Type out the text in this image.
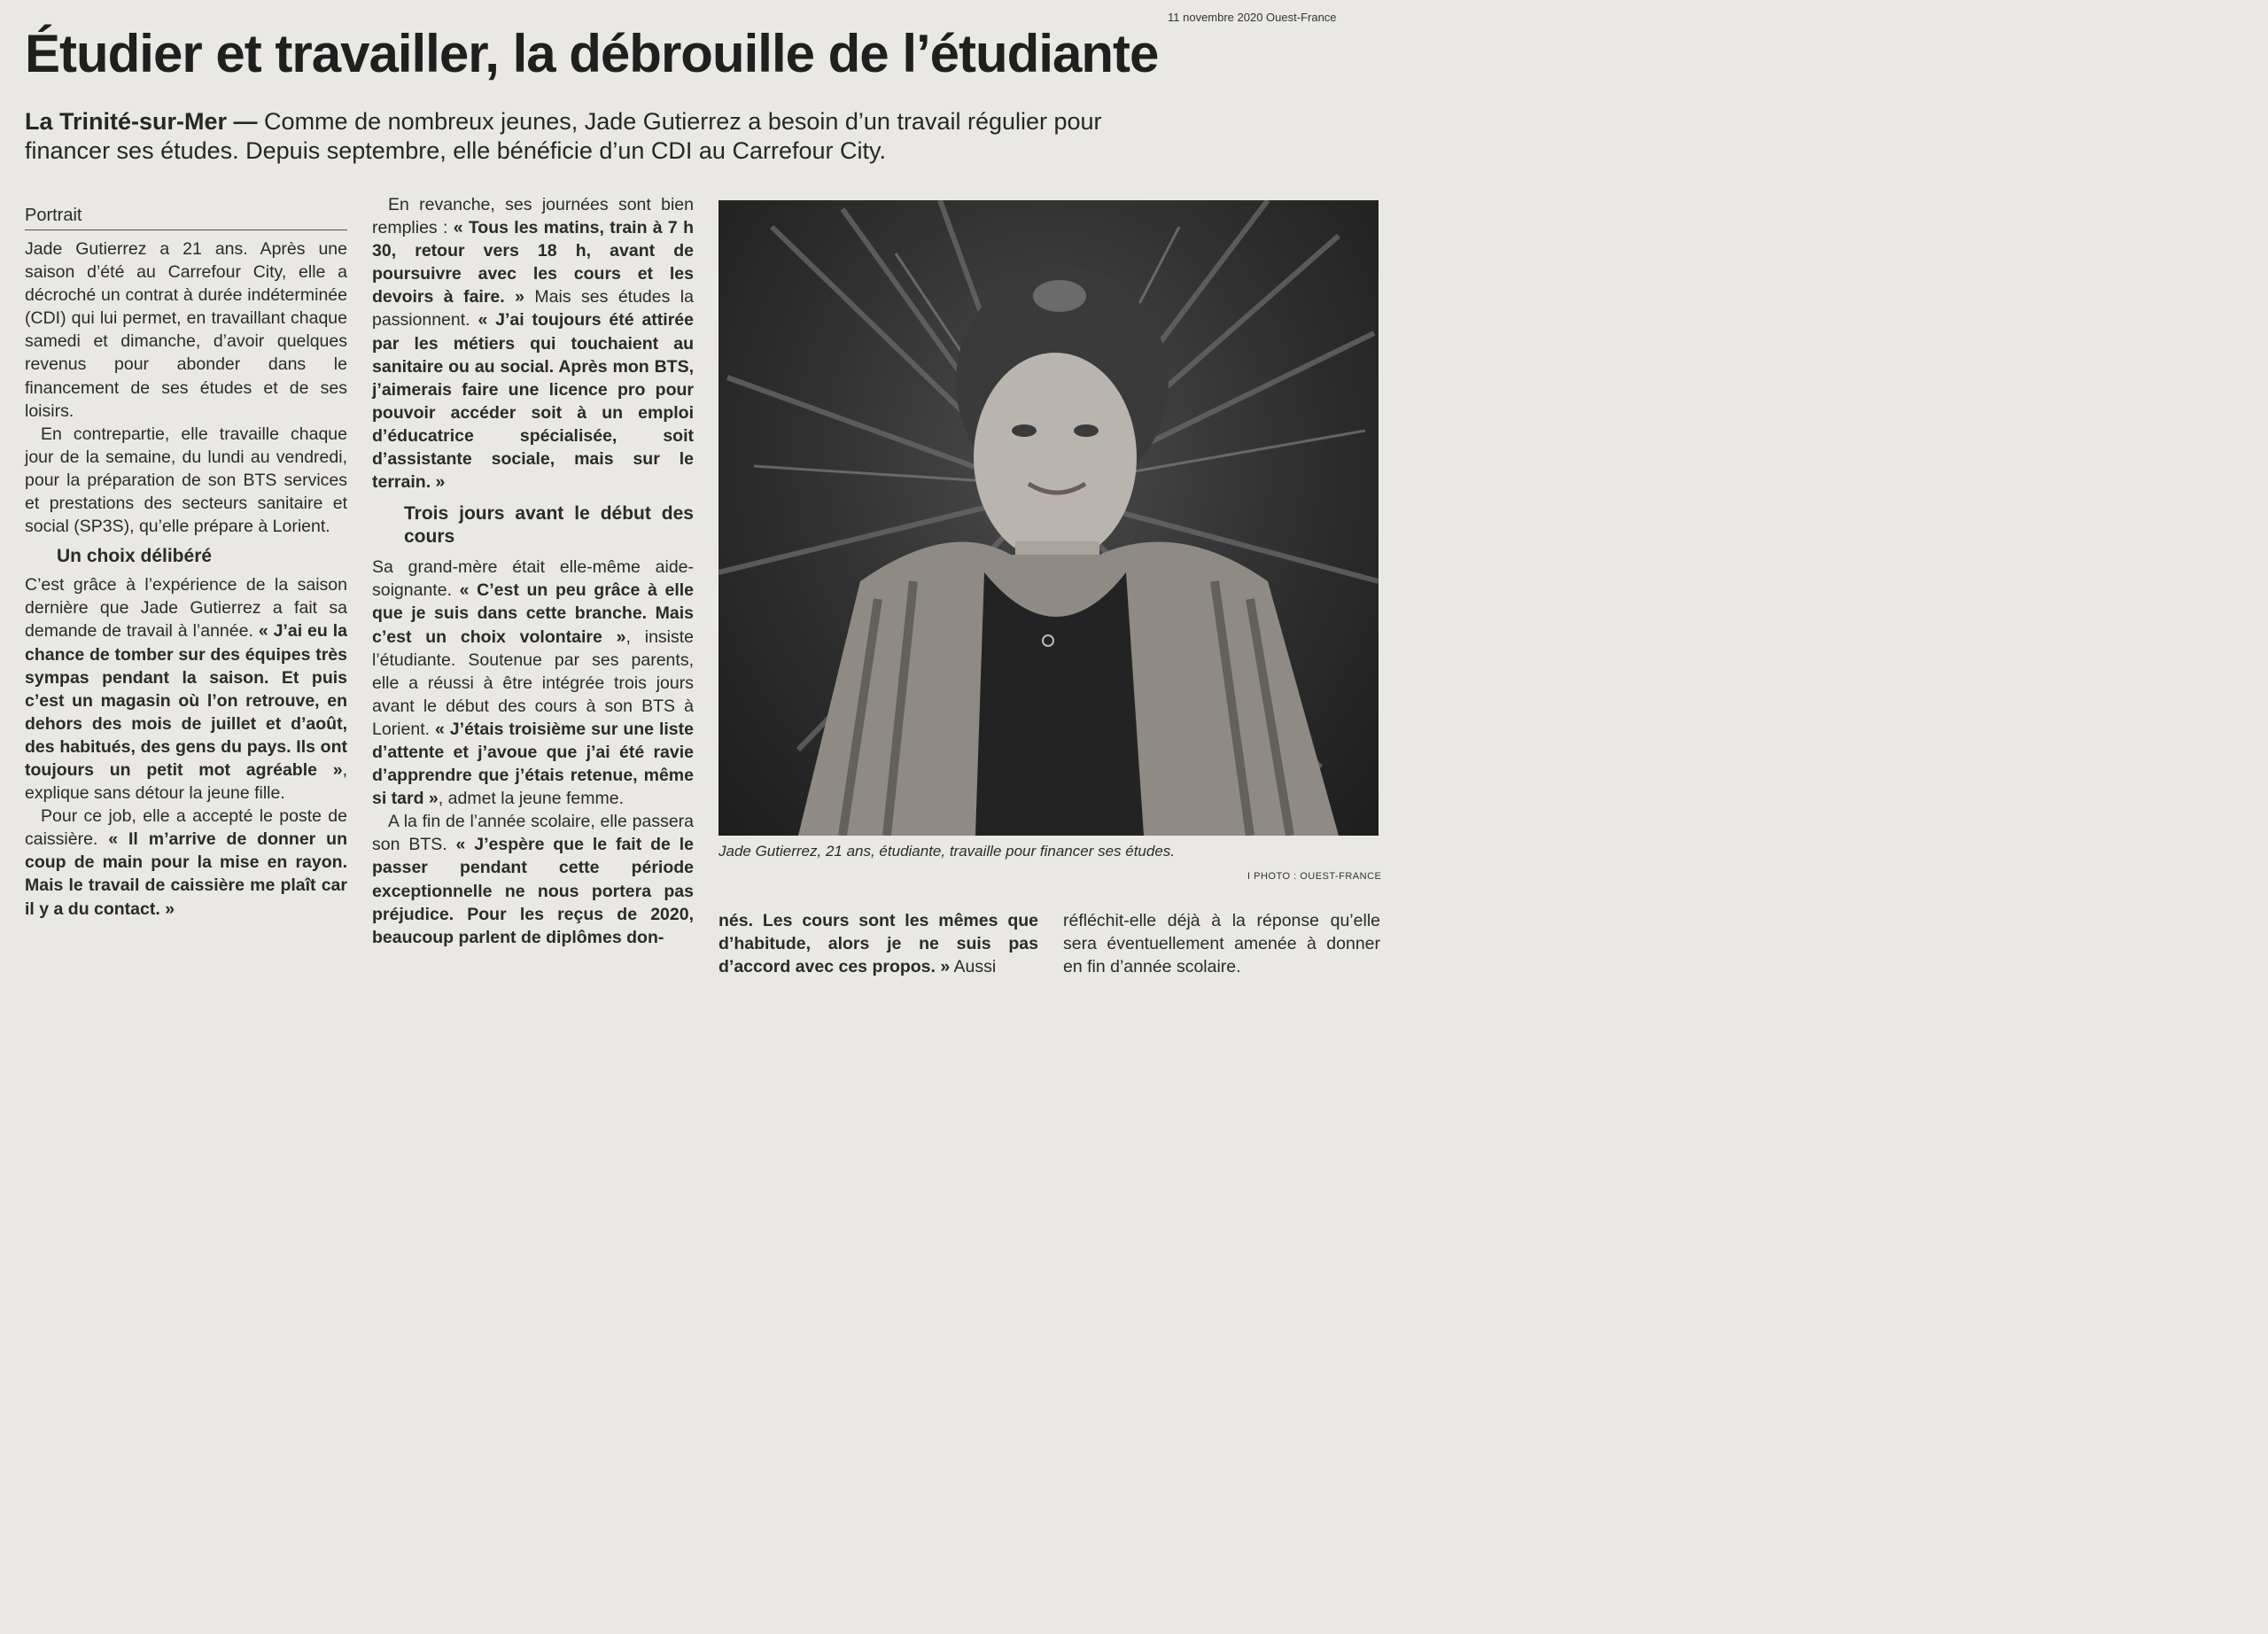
11 novembre 2020 Ouest-France
Étudier et travailler, la débrouille de l’étudiante

La Trinité-sur-Mer — Comme de nombreux jeunes, Jade Gutierrez a besoin d’un travail régulier pour financer ses études. Depuis septembre, elle bénéficie d’un CDI au Carrefour City.

Portrait

Jade Gutierrez a 21 ans. Après une saison d’été au Carrefour City, elle a décroché un contrat à durée indéterminée (CDI) qui lui permet, en travaillant chaque samedi et dimanche, d’avoir quelques revenus pour abonder dans le financement de ses études et de ses loisirs.

En contrepartie, elle travaille chaque jour de la semaine, du lundi au vendredi, pour la préparation de son BTS services et prestations des secteurs sanitaire et social (SP3S), qu’elle prépare à Lorient.

Un choix délibéré

C’est grâce à l’expérience de la saison dernière que Jade Gutierrez a fait sa demande de travail à l’année. « J’ai eu la chance de tomber sur des équipes très sympas pendant la saison. Et puis c’est un magasin où l’on retrouve, en dehors des mois de juillet et d’août, des habitués, des gens du pays. Ils ont toujours un petit mot agréable », explique sans détour la jeune fille.

Pour ce job, elle a accepté le poste de caissière. « Il m’arrive de donner un coup de main pour la mise en rayon. Mais le travail de caissière me plaît car il y a du contact. »

En revanche, ses journées sont bien remplies : « Tous les matins, train à 7 h 30, retour vers 18 h, avant de poursuivre avec les cours et les devoirs à faire. » Mais ses études la passionnent. « J’ai toujours été attirée par les métiers qui touchaient au sanitaire ou au social. Après mon BTS, j’aimerais faire une licence pro pour pouvoir accéder soit à un emploi d’éducatrice spécialisée, soit d’assistante sociale, mais sur le terrain. »

Trois jours avant le début des cours

Sa grand-mère était elle-même aide-soignante. « C’est un peu grâce à elle que je suis dans cette branche. Mais c’est un choix volontaire », insiste l’étudiante. Soutenue par ses parents, elle a réussi à être intégrée trois jours avant le début des cours à son BTS à Lorient. « J’étais troisième sur une liste d’attente et j’avoue que j’ai été ravie d’apprendre que j’étais retenue, même si tard », admet la jeune femme.

A la fin de l’année scolaire, elle passera son BTS. « J’espère que le fait de le passer pendant cette période exceptionnelle ne nous portera pas préjudice. Pour les reçus de 2020, beaucoup parlent de diplômes don-

Jade Gutierrez, 21 ans, étudiante, travaille pour financer ses études.
I PHOTO : OUEST-FRANCE

nés. Les cours sont les mêmes que d’habitude, alors je ne suis pas d’accord avec ces propos. » Aussi

réfléchit-elle déjà à la réponse qu’elle sera éventuellement amenée à donner en fin d’année scolaire.
